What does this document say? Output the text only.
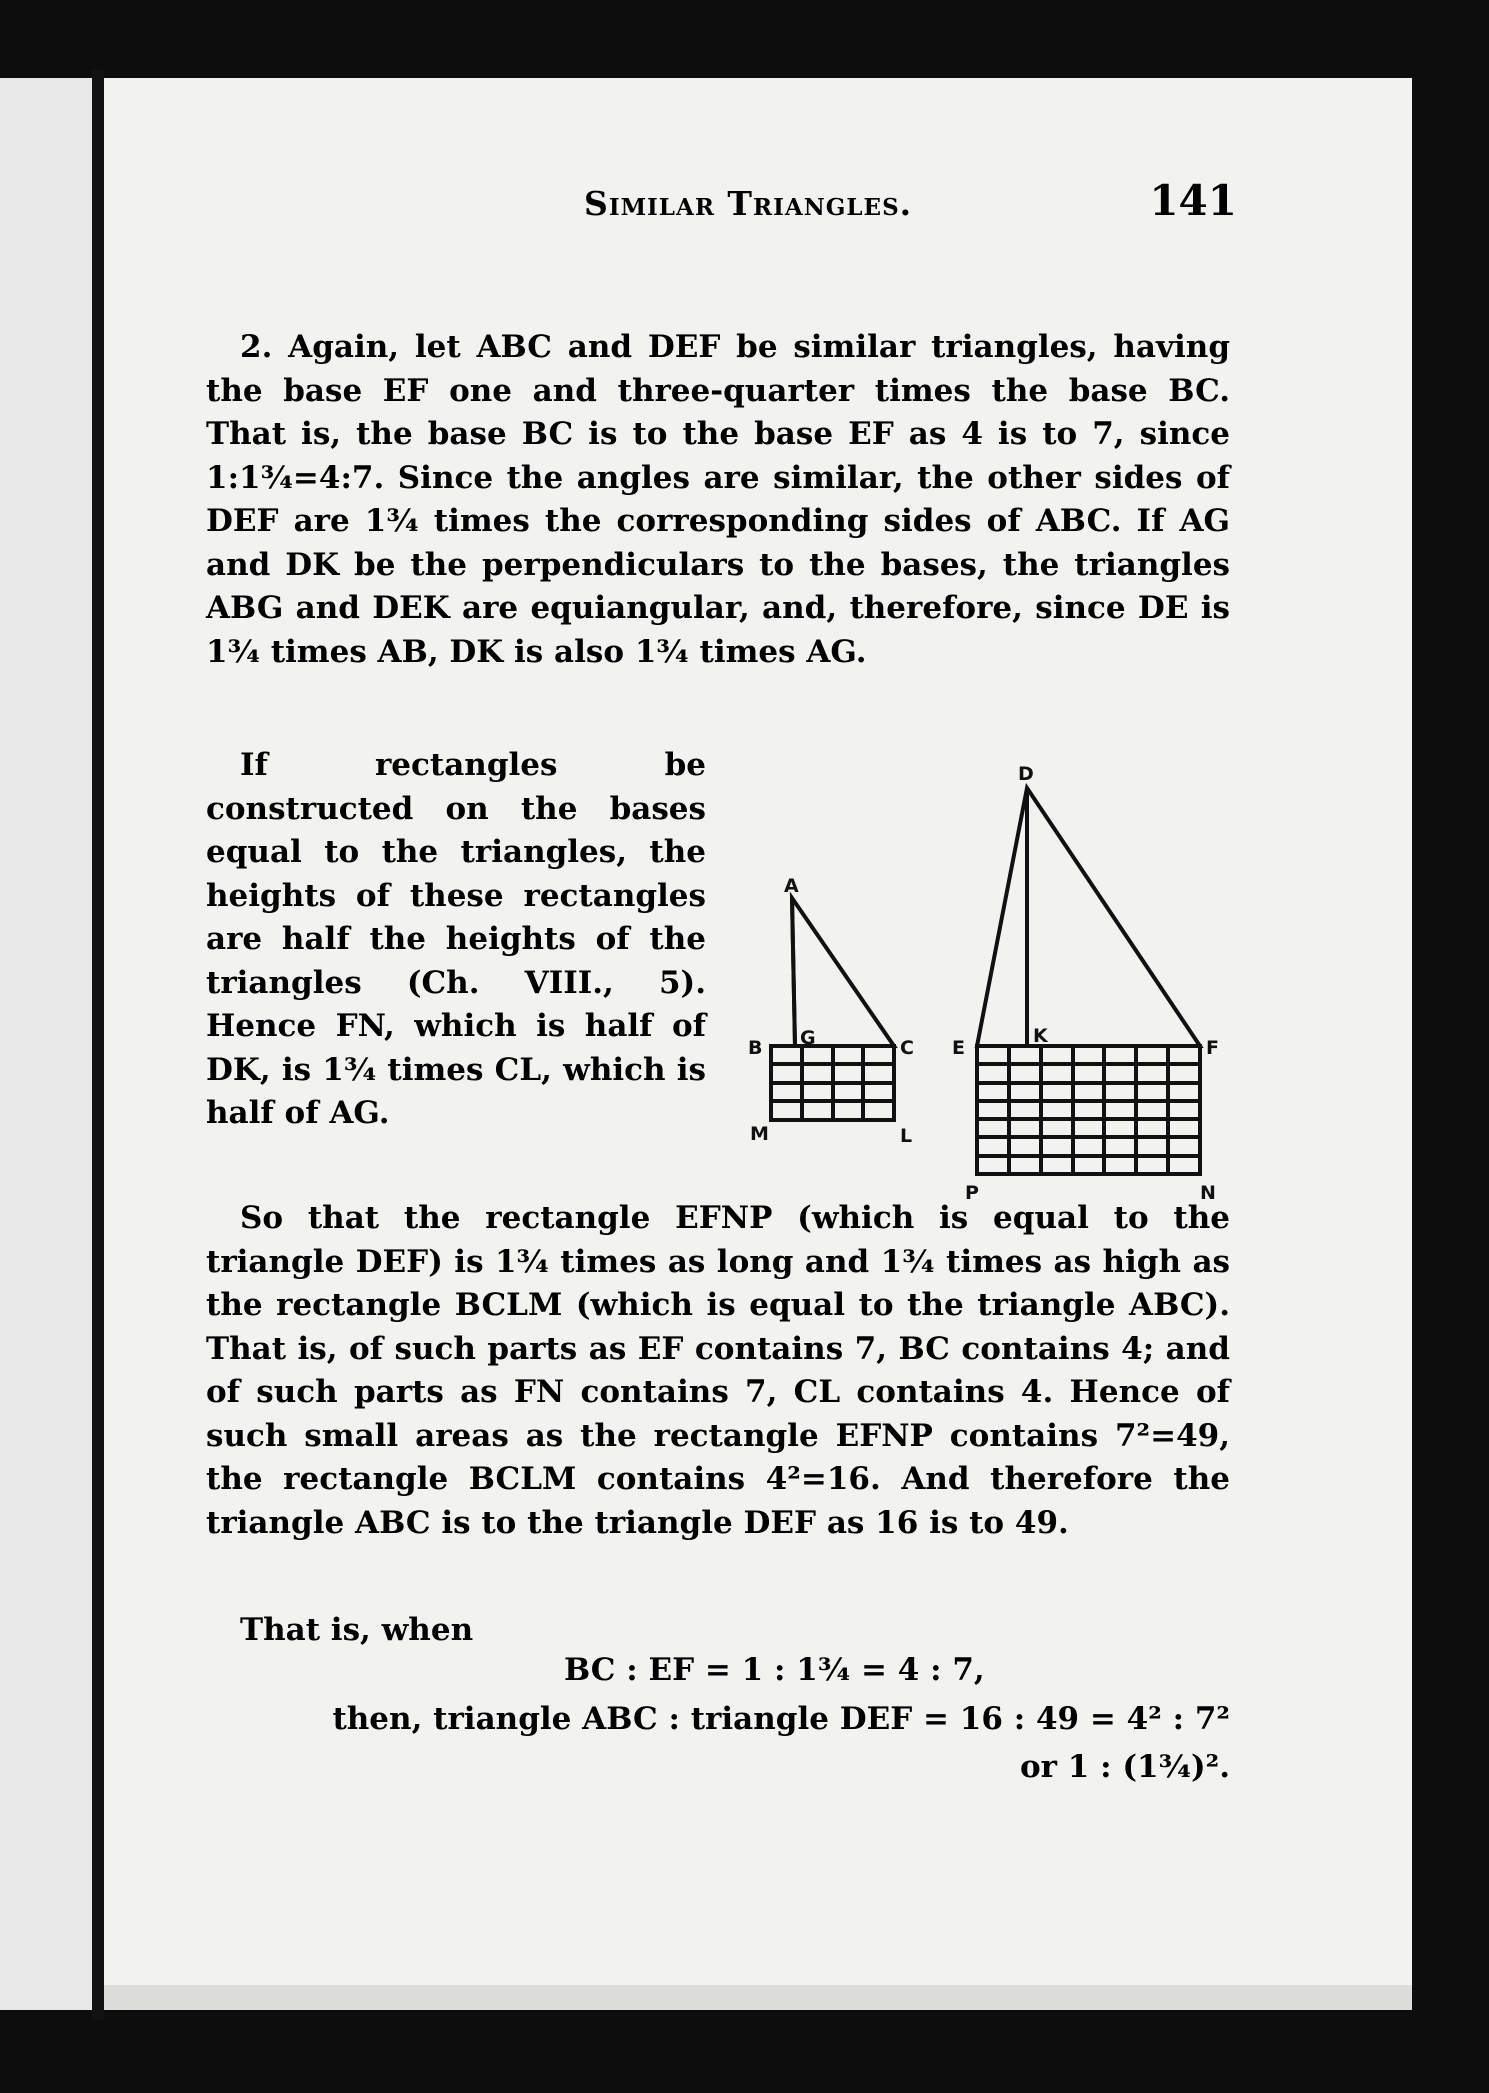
Similar Triangles.	141

2. Again, let ABC and DEF be similar triangles, having the base EF one and three-quarter times the base BC. That is, the base BC is to the base EF as 4 is to 7, since 1:1¾=4:7. Since the angles are similar, the other sides of DEF are 1¾ times the corresponding sides of ABC. If AG and DK be the perpendiculars to the bases, the triangles ABG and DEK are equiangular, and, therefore, since DE is 1¾ times AB, DK is also 1¾ times AG.

If rectangles be constructed on the bases equal to the triangles, the heights of these rectangles are half the heights of the triangles (Ch. VIII., 5). Hence FN, which is half of DK, is 1¾ times CL, which is half of AG.

So that the rectangle EFNP (which is equal to the triangle DEF) is 1¾ times as long and 1¾ times as high as the rectangle BCLM (which is equal to the triangle ABC). That is, of such parts as EF contains 7, BC contains 4; and of such parts as FN contains 7, CL contains 4. Hence of such small areas as the rectangle EFNP contains 7²=49, the rectangle BCLM contains 4²=16. And therefore the triangle ABC is to the triangle DEF as 16 is to 49.

That is, when

BC : EF = 1 : 1¾ = 4 : 7,
then, triangle ABC : triangle DEF = 16 : 49 = 4² : 7²
or 1 : (1¾)².
A
B G	C
M	L
D
E
K
F
P	N
